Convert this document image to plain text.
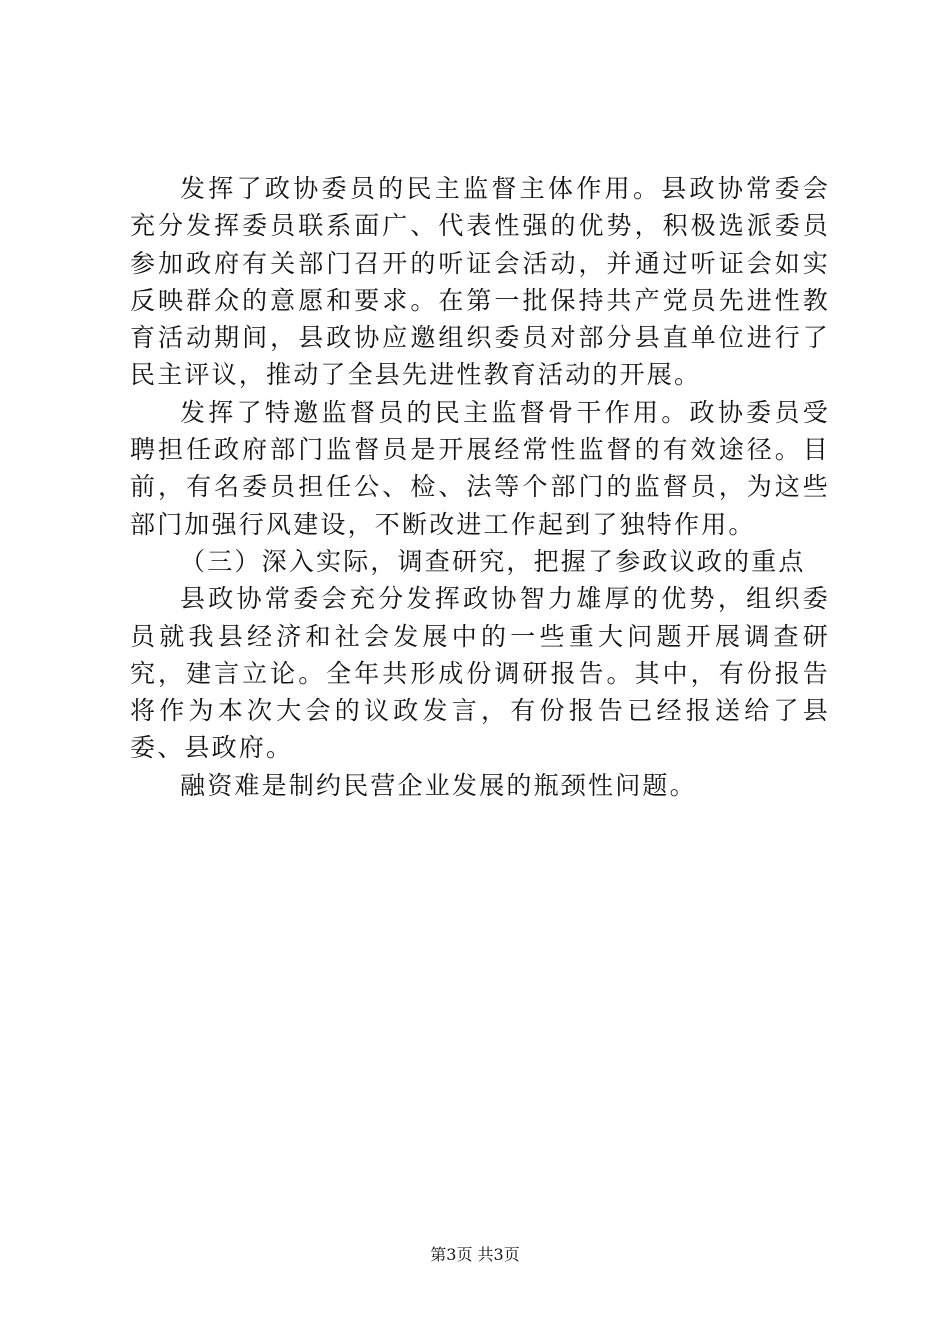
发挥了政协委员的民主监督主体作用。县政协常委会充分发挥委员联系面广、代表性强的优势，积极选派委员参加政府有关部门召开的听证会活动，并通过听证会如实反映群众的意愿和要求。在第一批保持共产党员先进性教育活动期间，县政协应邀组织委员对部分县直单位进行了民主评议，推动了全县先进性教育活动的开展。

发挥了特邀监督员的民主监督骨干作用。政协委员受聘担任政府部门监督员是开展经常性监督的有效途径。目前，有名委员担任公、检、法等个部门的监督员，为这些部门加强行风建设，不断改进工作起到了独特作用。

（三）深入实际，调查研究，把握了参政议政的重点

县政协常委会充分发挥政协智力雄厚的优势，组织委员就我县经济和社会发展中的一些重大问题开展调查研究，建言立论。全年共形成份调研报告。其中，有份报告将作为本次大会的议政发言，有份报告已经报送给了县委、县政府。

融资难是制约民营企业发展的瓶颈性问题。

第3页 共3页
